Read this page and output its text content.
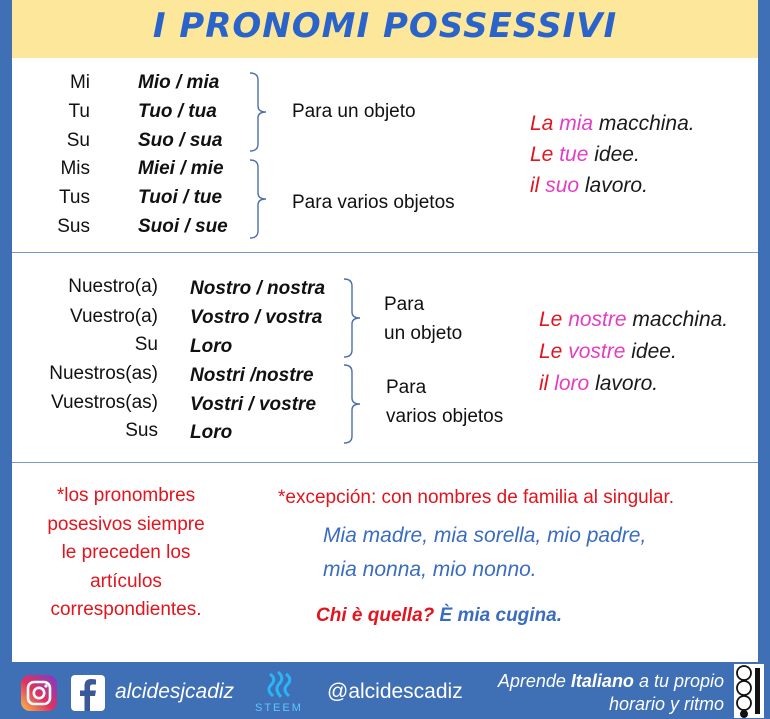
I PRONOMI POSSESSIVI
Mi
Tu
Su
Mis
Tus
Sus
Mio / mia
Tuo / tua
Suo / sua
Miei / mie
Tuoi / tue
Suoi / sue
Para un objeto
Para varios objetos
La mia macchina.
Le tue idee.
il suo lavoro.
Nuestro(a)
Vuestro(a)
Su
Nuestros(as)
Vuestros(as)
Sus
Nostro / nostra
Vostro / vostra
Loro
Nostri /nostre
Vostri / vostre
Loro
Para
un objeto
Para
varios objetos
Le nostre macchina.
Le vostre idee.
il loro lavoro.
*los pronombres
posesivos siempre
le preceden los
artículos
correspondientes.
*excepción: con nombres de familia al singular.
Mia madre, mia sorella, mio padre,
mia nonna, mio nonno.
Chi è quella? È mia cugina.
alcidesjcadiz
STEEM
@alcidescadiz Aprende Italiano a tu propio
horario y ritmo
